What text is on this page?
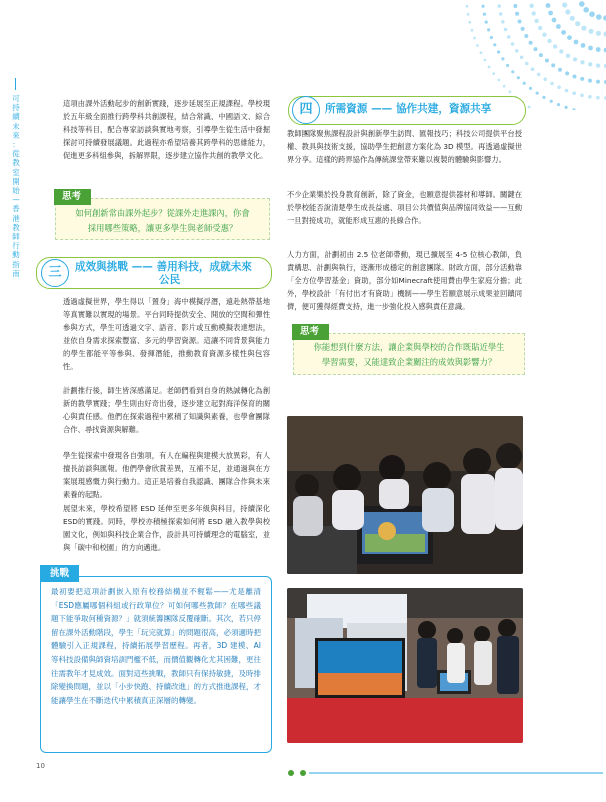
可
持
續
未
來
：
從
教
室
開
始
—
香
港
教
師
行
動
指
南

這項由課外活動起步的創新實踐，逐步延展至正規課程。學校現於五年級全面推行跨學科共創課程，結合常識、中國語文、綜合科技等科目，配合專家訪談與實地考察，引導學生從生活中發掘探討可持續發展議題。此過程亦希望培養其跨學科的思維能力，促進更多科組參與，拆解界限，逐步建立協作共創的教學文化。

思考
如何創新常由課外起步？從課外走進課內，你會
採用哪些策略，讓更多學生與老師受惠？
三	成效與挑戰 —— 善用科技，成就未來
公民

透過虛擬世界，學生得以「置身」海中模擬浮潛，遠赴熱帶基地等真實難以實現的場景。平台同時提供安全、開放的空間和彈性參與方式，學生可透過文字、語音、影片或互動模擬表達想法，並依自身需求探索豐富、多元的學習資源。這讓不同背景與能力的學生都能平等參與、發揮潛能，推動教育資源多樣性與包容性。

計劃推行後，師生皆深感滿足。老師們看到自身的熱誠轉化為創新的教學實踐；學生則由好奇出發，逐步建立起對海洋保育的關心與責任感。他們在探索過程中累積了知識與素養，也學會團隊合作、尋找資源與解難。

學生從探索中發現各自強項，有人在編程與建模大放異彩，有人擅長訪談與匯報。他們學會欣賞差異，互補不足，並通過與在方案展現感慨力與行動力。這正是培養自我認識、團隊合作與未來素養的起點。

展望未來，學校希望將 ESD 延伸至更多年級與科目，持續深化ESD的實踐。同時，學校亦積極探索如何將 ESD 融入教學與校園文化，例如與科技企業合作，設計具可持續理念的電腦室，並與「碳中和校園」的方向邁進。

挑戰
最初要把這項計劃嵌入原有校務結構並不輕鬆——尤是離清「ESD應屬哪個科組或行政單位？可如何哪些教師？在哪些議題下能爭取何種資源？」就須統籌團隊反覆確斷。其次，若只停留在課外活動階段，學生「玩完就算」的問題很高，必須適時把體驗引入正規課程，持續拓展學習歷程。再者，3D 建模、AI 等科技設備與師資培訓門檻不低，而價值觀轉化尤其困難，更往往需教年才見成效。面對這些挑戰，教師只有保持敏捷，及時排除變換問題，並以「小步快跑、持續改進」的方式推進課程，才能讓學生在不斷迭代中累積真正深層的轉變。
10
四	所需資源 —— 協作共建，資源共享

教師團隊聚焦課程設計與創新學生訪問、匯報技巧；科技公司提供平台授權、教具與技術支援，協助學生把創意方案化為 3D 模型。再透過虛擬世界分享。這樣的跨界協作為傳統課堂帶來難以複製的體驗與影響力。

不少企業樂於投身教育創新，除了資金，也願意提供器材和導師。關鍵在於學校能否說清楚學生成長益處、項目公共價值與品牌協同效益——互動一旦對接成功，就能形成互惠的長線合作。

人力方面，計劃初由 2.5 位老師帶動，現已擴展至 4-5 位核心教師，負責構思、計劃與執行，逐漸形成穩定的創意團隊。財政方面，部分活動靠「全方位學習基金」資助，部分如Minecraft使用費由學生家庭分擔；此外，學校設計「有付出才有資助」機制——學生若願意展示成果並回饋同儕，便可獲得經費支持，進一步強化投入感與責任意識。

思考
你能想到什麼方法，讓企業與學校的合作既貼近學生
學習需要，又能達致企業關注的成效與影響力？
